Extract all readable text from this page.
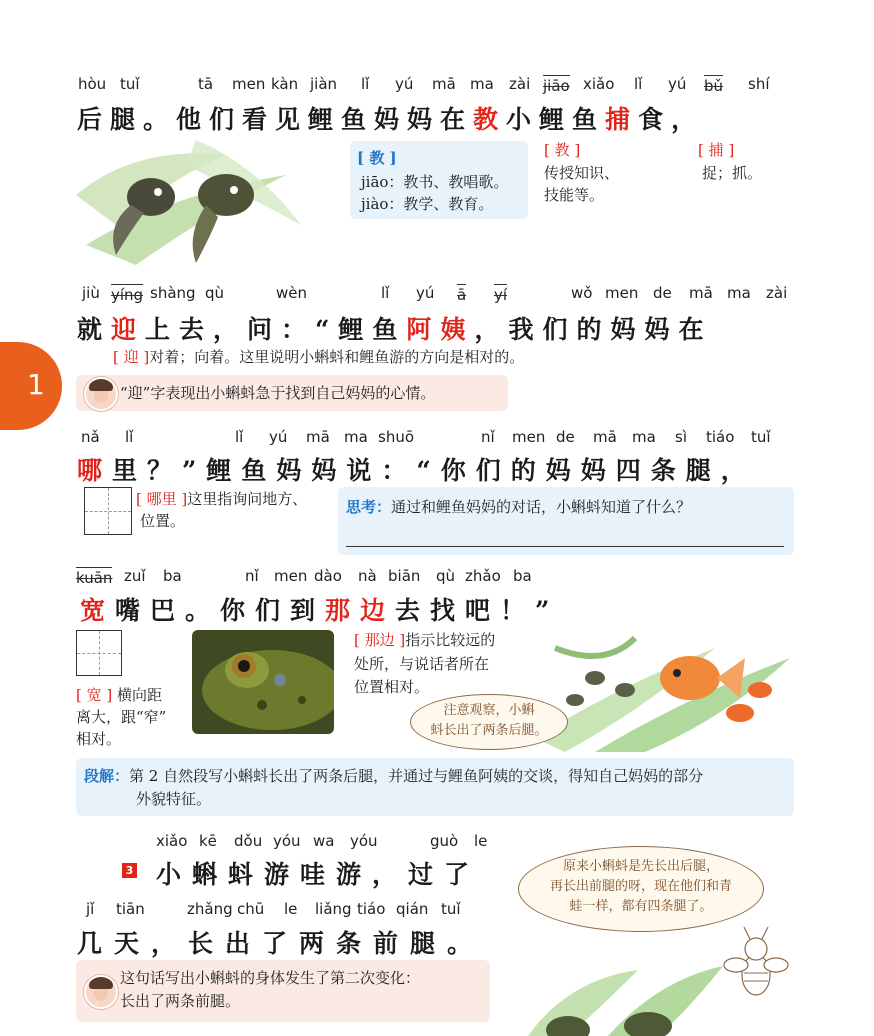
1
hòu tuǐ	tā men kàn jiàn lǐ yú mā ma zài jiāo xiǎo lǐ yú bǔ shí
后腿。他们看见鲤鱼妈妈在教小鲤鱼捕食，
[ 教 ]
jiāo：教书、教唱歌。
jiào：教学、教育。
[ 教 ]
传授知识、
技能等。
[ 捕 ]
捉；抓。
jiù yíng shàng qù	wèn	lǐ yú ā yí	wǒ men de mā ma zài
就迎上去，问：“鲤鱼阿姨，我们的妈妈在
[ 迎 ]对着；向着。这里说明小蝌蚪和鲤鱼游的方向是相对的。
“迎”字表现出小蝌蚪急于找到自己妈妈的心情。
nǎ lǐ	lǐ yú mā ma shuō	nǐ men de mā ma sì tiáo tuǐ
哪里？”鲤鱼妈妈说：“你们的妈妈四条腿，
[ 哪里 ]这里指询问地方、
位置。
思考：通过和鲤鱼妈妈的对话，小蝌蚪知道了什么？
kuān zuǐ ba	nǐ men dào nà biān qù zhǎo ba
宽嘴巴。你们到那边去找吧！”
[ 宽 ] 横向距
离大，跟“窄”
相对。
[ 那边 ]指示比较远的
处所，与说话者所在
位置相对。
注意观察，小蝌
蚪长出了两条后腿。
段解：第 2 自然段写小蝌蚪长出了两条后腿，并通过与鲤鱼阿姨的交谈，得知自己妈妈的部分
外貌特征。
xiǎo kē dǒu yóu wa yóu	guò le
3 小蝌蚪游哇游，过了
jǐ tiān	zhǎng chū le liǎng tiáo qián tuǐ
几天，长出了两条前腿。
原来小蝌蚪是先长出后腿，
再长出前腿的呀，现在他们和青
蛙一样，都有四条腿了。
这句话写出小蝌蚪的身体发生了第二次变化：
长出了两条前腿。
